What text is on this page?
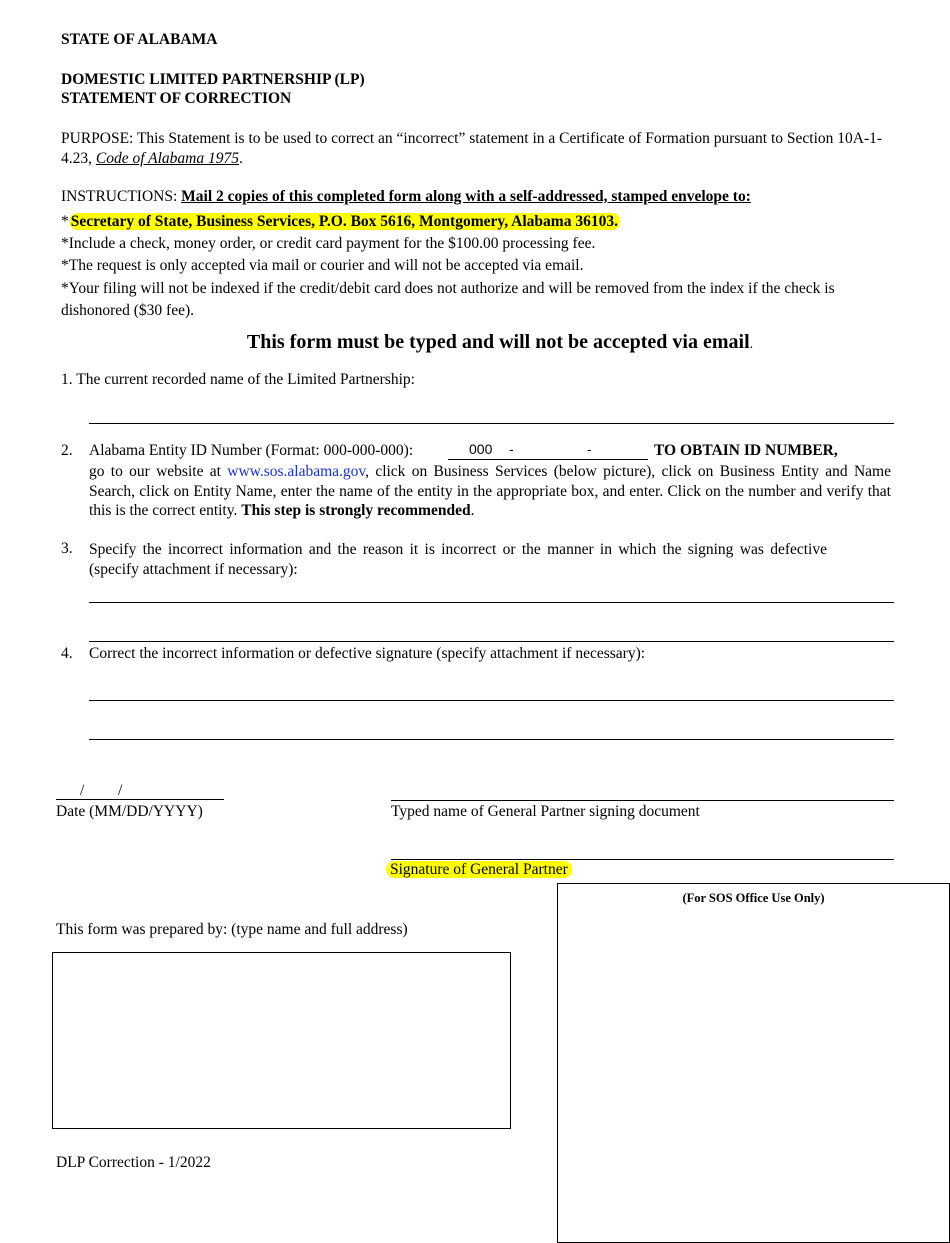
STATE OF ALABAMA
DOMESTIC LIMITED PARTNERSHIP (LP)
STATEMENT OF CORRECTION
PURPOSE: This Statement is to be used to correct an “incorrect” statement in a Certificate of Formation pursuant to Section 10A-1-4.23, Code of Alabama 1975.
INSTRUCTIONS: Mail 2 copies of this completed form along with a self-addressed, stamped envelope to:
* Secretary of State, Business Services, P.O. Box 5616, Montgomery, Alabama 36103.
*Include a check, money order, or credit card payment for the $100.00 processing fee.
*The request is only accepted via mail or courier and will not be accepted via email.
*Your filing will not be indexed if the credit/debit card does not authorize and will be removed from the index if the check is dishonored ($30 fee).
This form must be typed and will not be accepted via email.
1. The current recorded name of the Limited Partnership:
2. Alabama Entity ID Number (Format: 000-000-000):	000 -	-	TO OBTAIN ID NUMBER,
go to our website at www.sos.alabama.gov, click on Business Services (below picture), click on Business Entity and Name Search, click on Entity Name, enter the name of the entity in the appropriate box, and enter. Click on the number and verify that this is the correct entity. This step is strongly recommended.
3. Specify the incorrect information and the reason it is incorrect or the manner in which the signing was defective (specify attachment if necessary):
4. Correct the incorrect information or defective signature (specify attachment if necessary):
/ /
Date (MM/DD/YYYY)	Typed name of General Partner signing document
Signature of General Partner
(For SOS Office Use Only)
This form was prepared by: (type name and full address)
DLP Correction - 1/2022
